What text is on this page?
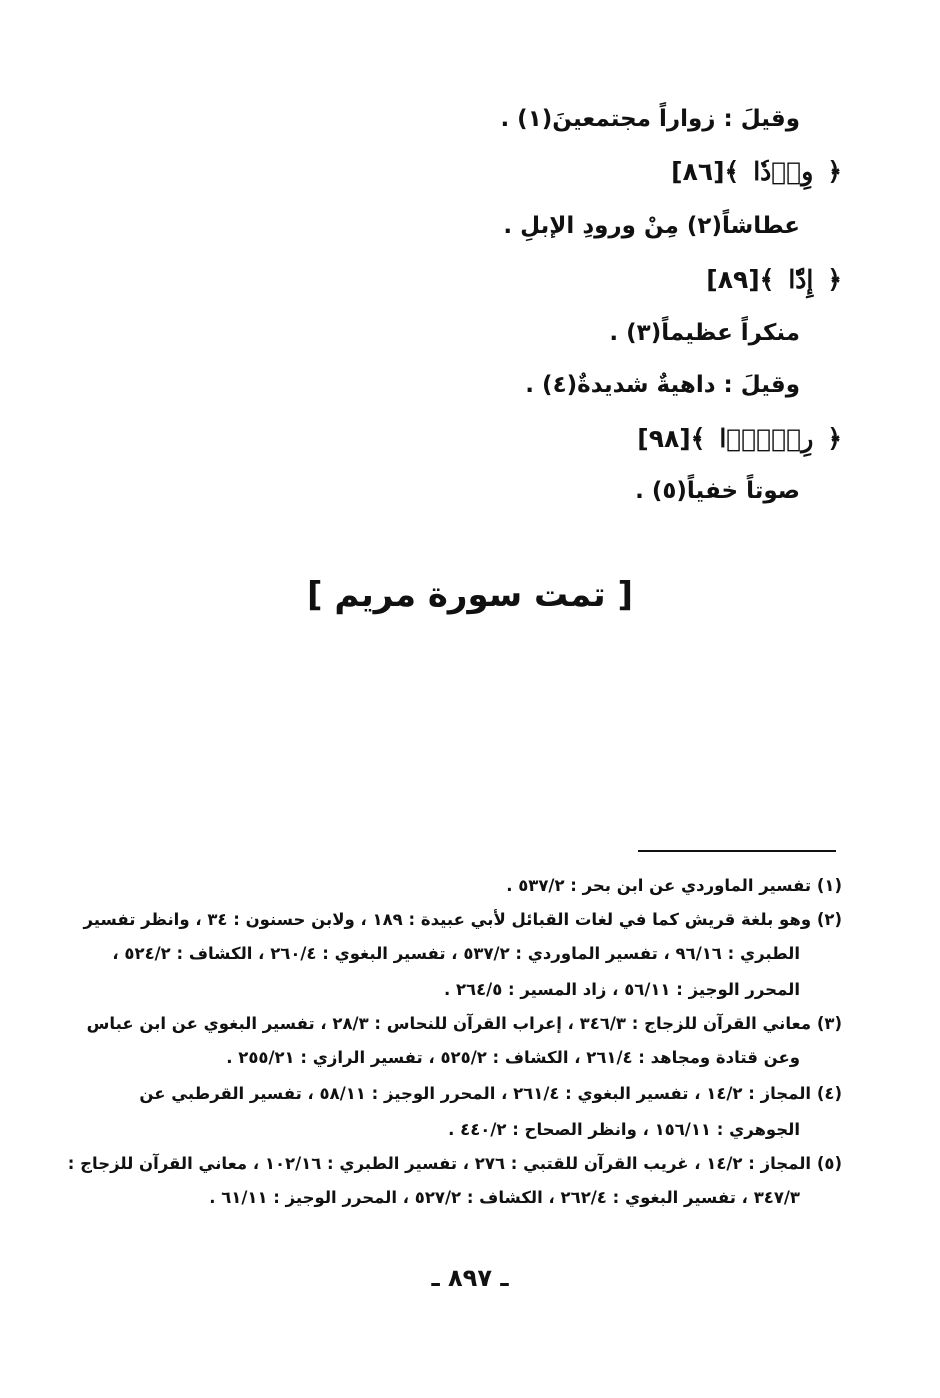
وقيلَ : زواراً مجتمعينَ(١) .
﴿وِرۡدٗا﴾[٨٦]
عطاشاً(٢) مِنْ ورودِ الإبلِ .
﴿إِدّٗا﴾[٨٩]
منكراً عظيماً(٣) .
وقيلَ : داهيةٌ شديدةٌ(٤) .
﴿رِكۡزَۢا﴾[٩٨]
صوتاً خفياً(٥) .
[ تمت سورة مريم ]
(١) تفسير الماوردي عن ابن بحر : ٥٣٧/٢ .
(٢) وهو بلغة قريش كما في لغات القبائل لأبي عبيدة : ١٨٩ ، ولابن حسنون : ٣٤ ، وانظر تفسير
الطبري : ٩٦/١٦ ، تفسير الماوردي : ٥٣٧/٢ ، تفسير البغوي : ٢٦٠/٤ ، الكشاف : ٥٢٤/٢ ،
المحرر الوجيز : ٥٦/١١ ، زاد المسير : ٢٦٤/٥ .
(٣) معاني القرآن للزجاج : ٣٤٦/٣ ، إعراب القرآن للنحاس : ٢٨/٣ ، تفسير البغوي عن ابن عباس
وعن قتادة ومجاهد : ٢٦١/٤ ، الكشاف : ٥٢٥/٢ ، تفسير الرازي : ٢٥٥/٢١ .
(٤) المجاز : ١٤/٢ ، تفسير البغوي : ٢٦١/٤ ، المحرر الوجيز : ٥٨/١١ ، تفسير القرطبي عن
الجوهري : ١٥٦/١١ ، وانظر الصحاح : ٤٤٠/٢ .
(٥) المجاز : ١٤/٢ ، غريب القرآن للقتبي : ٢٧٦ ، تفسير الطبري : ١٠٢/١٦ ، معاني القرآن للزجاج :
٣٤٧/٣ ، تفسير البغوي : ٢٦٢/٤ ، الكشاف : ٥٢٧/٢ ، المحرر الوجيز : ٦١/١١ .
ـ ٨٩٧ ـ
